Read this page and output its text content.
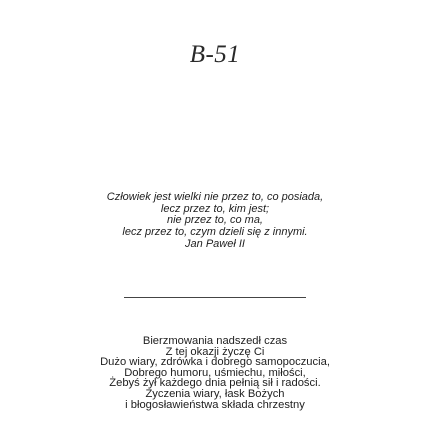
B-51
Człowiek jest wielki nie przez to, co posiada,
lecz przez to, kim jest;
nie przez to, co ma,
lecz przez to, czym dzieli się z innymi.
Jan Paweł II
Bierzmowania nadszedł czas
Z tej okazji życzę Ci
Dużo wiary, zdrówka i dobrego samopoczucia,
Dobrego humoru, uśmiechu, miłości,
Żebyś żył każdego dnia pełnią sił i radości.
Życzenia wiary, łask Bożych
i błogosławieństwa składa chrzestny
